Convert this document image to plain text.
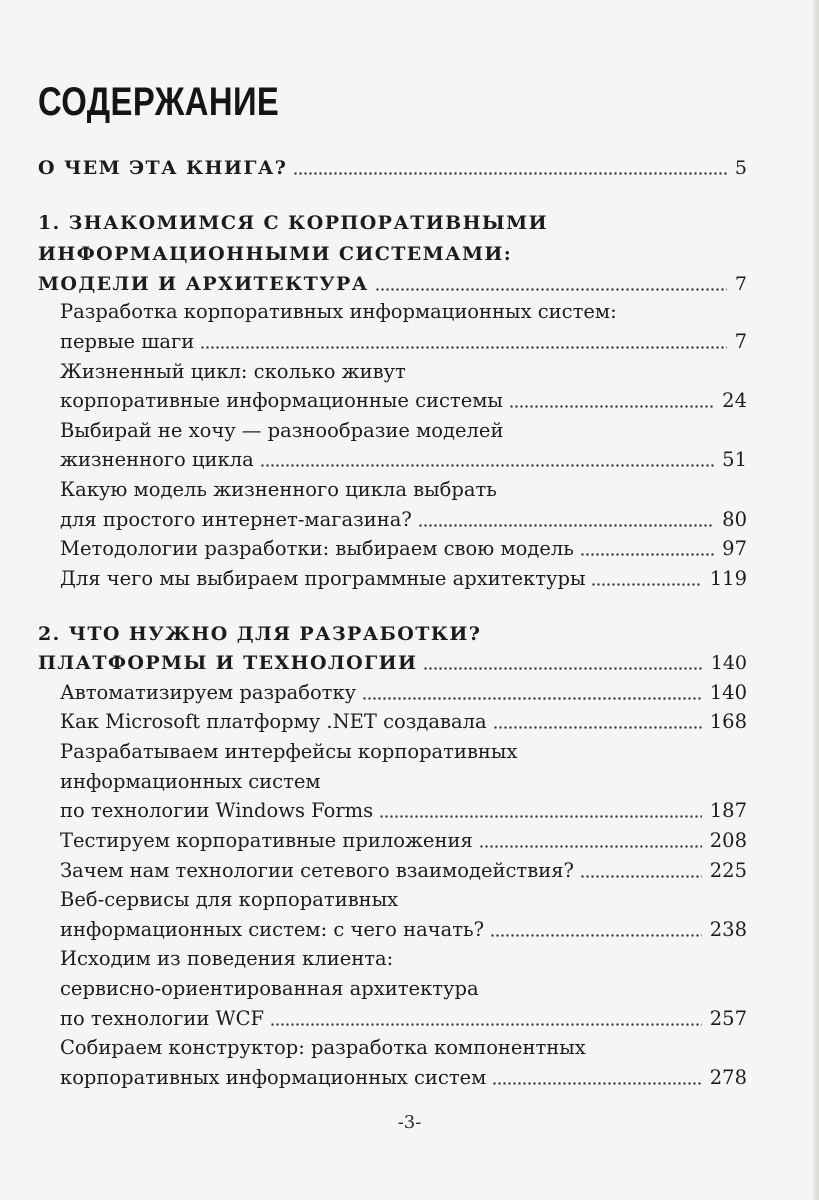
СОДЕРЖАНИЕ
О ЧЕМ ЭТА КНИГА?	5
1. ЗНАКОМИМСЯ С КОРПОРАТИВНЫМИ
ИНФОРМАЦИОННЫМИ СИСТЕМАМИ:
МОДЕЛИ И АРХИТЕКТУРА	7
Разработка корпоративных информационных систем:
первые шаги	7
Жизненный цикл: сколько живут
корпоративные информационные системы	24
Выбирай не хочу — разнообразие моделей
жизненного цикла	51
Какую модель жизненного цикла выбрать
для простого интернет-магазина?	80
Методологии разработки: выбираем свою модель	97
Для чего мы выбираем программные архитектуры	119
2. ЧТО НУЖНО ДЛЯ РАЗРАБОТКИ?
ПЛАТФОРМЫ И ТЕХНОЛОГИИ	140
Автоматизируем разработку	140
Как Microsoft платформу .NET создавала	168
Разрабатываем интерфейсы корпоративных
информационных систем
по технологии Windows Forms	187
Тестируем корпоративные приложения	208
Зачем нам технологии сетевого взаимодействия?	225
Веб-сервисы для корпоративных
информационных систем: с чего начать?	238
Исходим из поведения клиента:
сервисно-ориентированная архитектура
по технологии WCF	257
Собираем конструктор: разработка компонентных
корпоративных информационных систем	278
-3-
